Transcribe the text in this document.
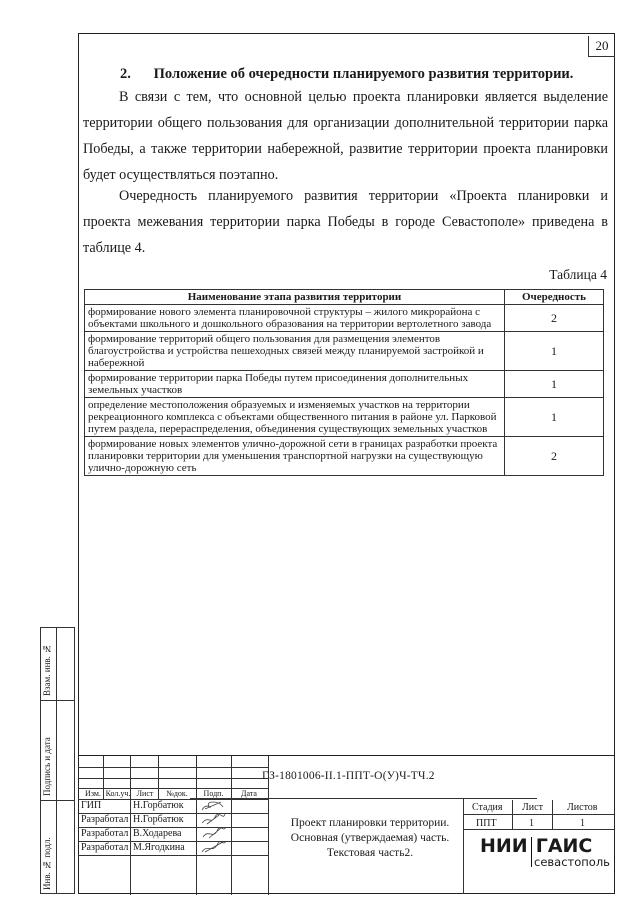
20
2. Положение об очередности планируемого развития территории.
В связи с тем, что основной целью проекта планировки является выделение территории общего пользования для организации дополнительной территории парка Победы, а также территории набережной, развитие территории проекта планировки будет осуществляться поэтапно.
Очередность планируемого развития территории «Проекта планировки и проекта межевания территории парка Победы в городе Севастополе» приведена в таблице 4.
Таблица 4
Наименование этапа развития территории	Очередность
формирование нового элемента планировочной структуры – жилого микрорайона с объектами школьного и дошкольного образования на территории вертолетного завода	2
формирование территорий общего пользования для размещения элементов благоустройства и устройства пешеходных связей между планируемой застройкой и набережной	1
формирование территории парка Победы путем присоединения дополнительных земельных участков	1
определение местоположения образуемых и изменяемых участков на территории рекреационного комплекса с объектами общественного питания в районе ул. Парковой путем раздела, перераспределения, объединения существующих земельных участков	1
формирование новых элементов улично-дорожной сети в границах разработки проекта планировки территории для уменьшения транспортной нагрузки на существующую улично-дорожную сеть	2
Взам. инв. №
Подпись и дата
Инв. № подл.
Изм. Кол.уч. Лист	№док.	Подп.	Дата
ГИП	Н.Горбатюк
Разработал Н.Горбатюк
Разработал В.Ходарева
Разработал М.Ягодкина
ГЗ-1801006-II.1-ППТ-О(У)Ч-ТЧ.2
Проект планировки территории. Основная (утверждаемая) часть. Текстовая часть2.
Стадия Лист Листов
ППТ	1	1
НИИ ГАИС
севастополь
